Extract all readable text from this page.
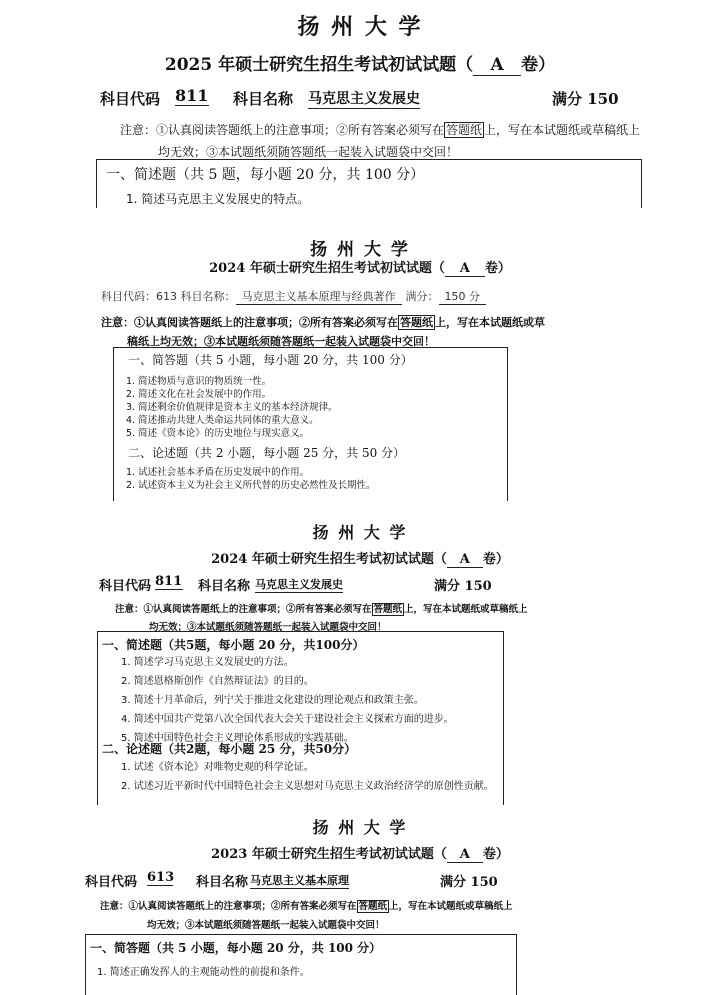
扬 州 大 学
2025 年硕士研究生招生考试初试试题（ A 卷）
科目代码 811 科目名称 马克思主义发展史	满分 150
注意：①认真阅读答题纸上的注意事项；②所有答案必须写在 答题纸 上，写在本试题纸或草稿纸上
均无效；③本试题纸须随答题纸一起装入试题袋中交回！
一、简述题（共 5 题，每小题 20 分，共 100 分）
1. 简述马克思主义发展史的特点。
扬 州 大 学
2024 年硕士研究生招生考试初试试题（ A 卷）
科目代码：613 科目名称： 马克思主义基本原理与经典著作 满分： 150 分
注意：①认真阅读答题纸上的注意事项；②所有答案必须写在 答题纸 上，写在本试题纸或草
稿纸上均无效；③本试题纸须随答题纸一起装入试题袋中交回！
一、简答题（共 5 小题，每小题 20 分，共 100 分）
1. 简述物质与意识的物质统一性。
2. 简述文化在社会发展中的作用。
3. 简述剩余价值规律是资本主义的基本经济规律。
4. 简述推动共建人类命运共同体的重大意义。
5. 简述《资本论》的历史地位与现实意义。
二、论述题（共 2 小题，每小题 25 分，共 50 分）
1. 试述社会基本矛盾在历史发展中的作用。
2. 试述资本主义为社会主义所代替的历史必然性及长期性。
扬 州 大 学
2024 年硕士研究生招生考试初试试题（ A 卷）
科目代码 811 科目名称 马克思主义发展史	满分 150
注意：①认真阅读答题纸上的注意事项；②所有答案必须写在 答题纸 上，写在本试题纸或草稿纸上
均无效；③本试题纸须随答题纸一起装入试题袋中交回！
一、简述题（共5题，每小题 20 分，共100分）
1. 简述学习马克思主义发展史的方法。
2. 简述恩格斯创作《自然辩证法》的目的。
3. 简述十月革命后，列宁关于推进文化建设的理论观点和政策主张。
4. 简述中国共产党第八次全国代表大会关于建设社会主义探索方面的进步。
5. 简述中国特色社会主义理论体系形成的实践基础。
二、论述题（共2题，每小题 25 分，共50分）
1. 试述《资本论》对唯物史观的科学论证。
2. 试述习近平新时代中国特色社会主义思想对马克思主义政治经济学的原创性贡献。
扬 州 大 学
2023 年硕士研究生招生考试初试试题（ A 卷）
科目代码 613 科目名称 马克思主义基本原理	满分 150
注意：①认真阅读答题纸上的注意事项；②所有答案必须写在 答题纸 上，写在本试题纸或草稿纸上
均无效；③本试题纸须随答题纸一起装入试题袋中交回！
一、简答题（共 5 小题，每小题 20 分，共 100 分）
1. 简述正确发挥人的主观能动性的前提和条件。
